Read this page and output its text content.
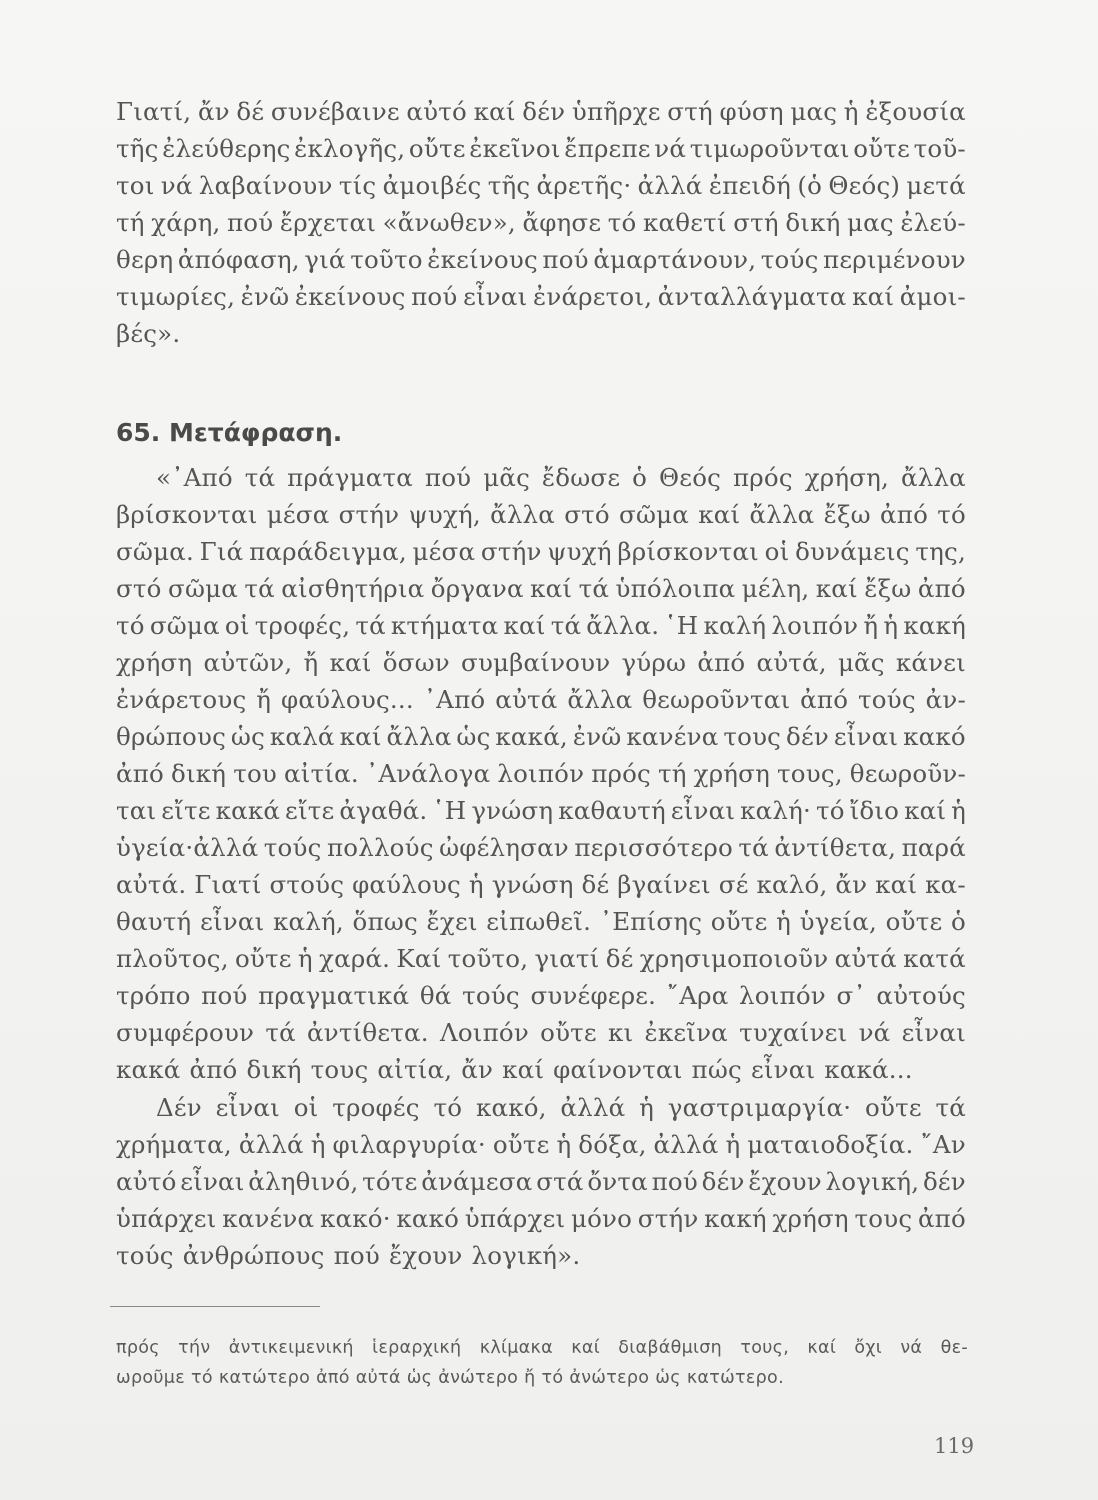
Γιατί, ἄν δέ συνέβαινε αὐτό καί δέν ὑπῆρχε στή φύση μας ἡ ἐξουσία
τῆς ἐλεύθερης ἐκλογῆς, οὔτε ἐκεῖνοι ἔπρεπε νά τιμωροῦνται οὔτε τοῦ-
τοι νά λαβαίνουν τίς ἀμοιβές τῆς ἀρετῆς· ἀλλά ἐπειδή (ὁ Θεός) μετά
τή χάρη, πού ἔρχεται «ἄνωθεν», ἄφησε τό καθετί στή δική μας ἐλεύ-
θερη ἀπόφαση, γιά τοῦτο ἐκείνους πού ἁμαρτάνουν, τούς περιμένουν
τιμωρίες, ἐνῶ ἐκείνους πού εἶναι ἐνάρετοι, ἀνταλλάγματα καί ἀμοι-
βές».
65. Μετάφραση.
«᾿Από τά πράγματα πού μᾶς ἔδωσε ὁ Θεός πρός χρήση, ἄλλα
βρίσκονται μέσα στήν ψυχή, ἄλλα στό σῶμα καί ἄλλα ἔξω ἀπό τό
σῶμα. Γιά παράδειγμα, μέσα στήν ψυχή βρίσκονται οἱ δυνάμεις της,
στό σῶμα τά αἰσθητήρια ὄργανα καί τά ὑπόλοιπα μέλη, καί ἔξω ἀπό
τό σῶμα οἱ τροφές, τά κτήματα καί τά ἄλλα. ῾Η καλή λοιπόν ἤ ἡ κακή
χρήση αὐτῶν, ἤ καί ὅσων συμβαίνουν γύρω ἀπό αὐτά, μᾶς κάνει
ἐνάρετους ἤ φαύλους... ᾿Από αὐτά ἄλλα θεωροῦνται ἀπό τούς ἀν-
θρώπους ὡς καλά καί ἄλλα ὡς κακά, ἐνῶ κανένα τους δέν εἶναι κακό
ἀπό δική του αἰτία. ᾿Ανάλογα λοιπόν πρός τή χρήση τους, θεωροῦν-
ται εἴτε κακά εἴτε ἀγαθά. ῾Η γνώση καθαυτή εἶναι καλή· τό ἴδιο καί ἡ
ὑγεία·ἀλλά τούς πολλούς ὠφέλησαν περισσότερο τά ἀντίθετα, παρά
αὐτά. Γιατί στούς φαύλους ἡ γνώση δέ βγαίνει σέ καλό, ἄν καί κα-
θαυτή εἶναι καλή, ὅπως ἔχει εἰπωθεῖ. ᾿Επίσης οὔτε ἡ ὑγεία, οὔτε ὁ
πλοῦτος, οὔτε ἡ χαρά. Καί τοῦτο, γιατί δέ χρησιμοποιοῦν αὐτά κατά
τρόπο πού πραγματικά θά τούς συνέφερε. ῎Αρα λοιπόν σ᾿ αὐτούς
συμφέρουν τά ἀντίθετα. Λοιπόν οὔτε κι ἐκεῖνα τυχαίνει νά εἶναι
κακά ἀπό δική τους αἰτία, ἄν καί φαίνονται πώς εἶναι κακά...
Δέν εἶναι οἱ τροφές τό κακό, ἀλλά ἡ γαστριμαργία· οὔτε τά
χρήματα, ἀλλά ἡ φιλαργυρία· οὔτε ἡ δόξα, ἀλλά ἡ ματαιοδοξία. ῎Αν
αὐτό εἶναι ἀληθινό, τότε ἀνάμεσα στά ὄντα πού δέν ἔχουν λογική, δέν
ὑπάρχει κανένα κακό· κακό ὑπάρχει μόνο στήν κακή χρήση τους ἀπό
τούς ἀνθρώπους πού ἔχουν λογική».
πρός τήν ἀντικειμενική ἱεραρχική κλίμακα καί διαβάθμιση τους, καί ὄχι νά θε-
ωροῦμε τό κατώτερο ἀπό αὐτά ὡς ἀνώτερο ἤ τό ἀνώτερο ὡς κατώτερο.
119
